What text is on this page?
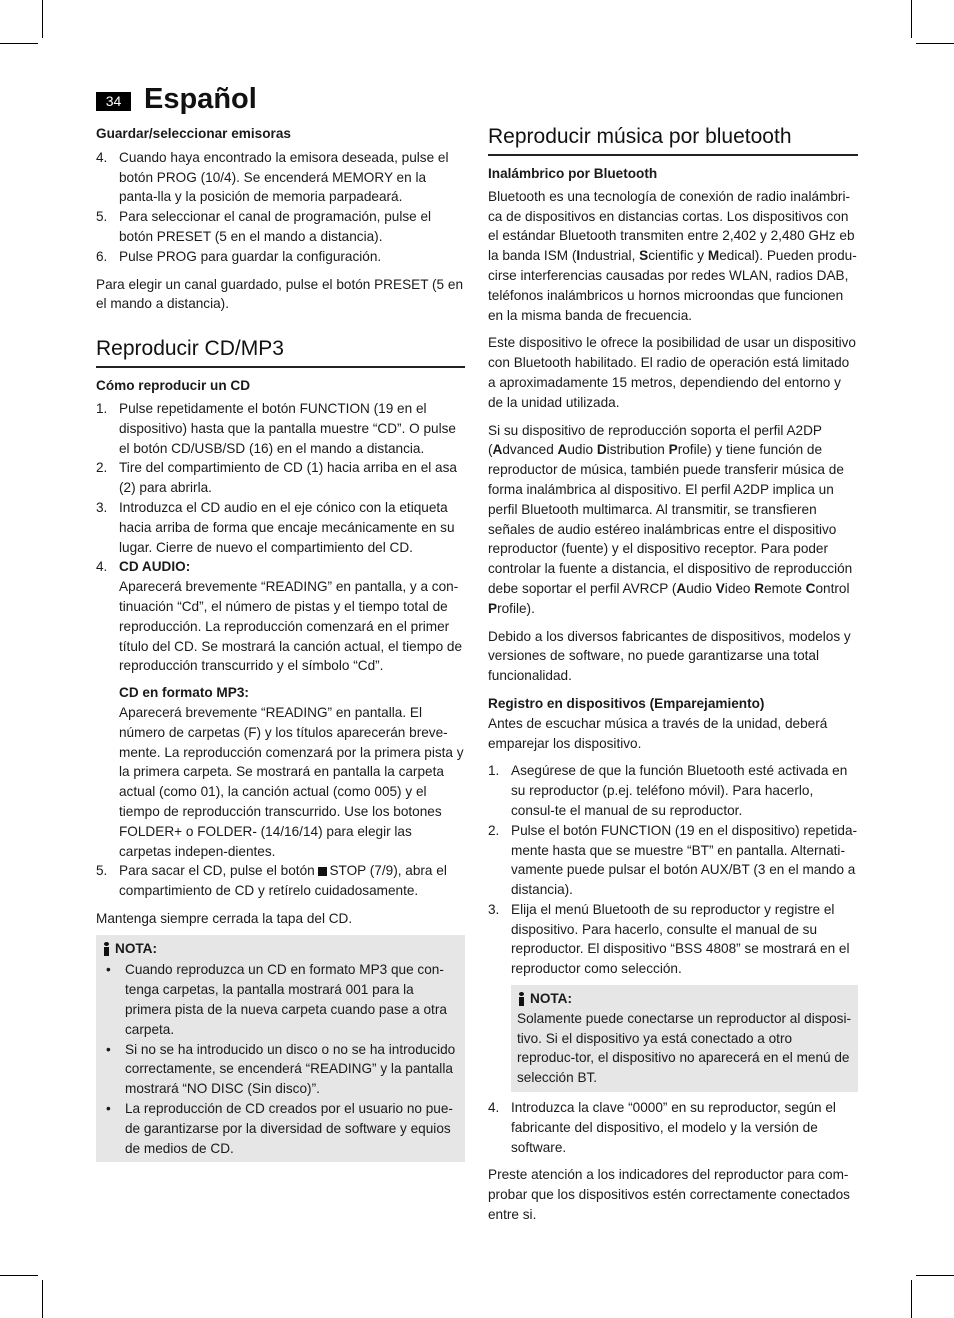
34 Español

Guardar/seleccionar emisoras

4. Cuando haya encontrado la emisora deseada, pulse el botón PROG (10/4). Se encenderá MEMORY en la panta-lla y la posición de memoria parpadeará.
5. Para seleccionar el canal de programación, pulse el botón PRESET (5 en el mando a distancia).
6. Pulse PROG para guardar la configuración.

Para elegir un canal guardado, pulse el botón PRESET (5 en el mando a distancia).

Reproducir CD/MP3

Cómo reproducir un CD

1. Pulse repetidamente el botón FUNCTION (19 en el dispositivo) hasta que la pantalla muestre “CD”. O pulse el botón CD/USB/SD (16) en el mando a distancia.
2. Tire del compartimiento de CD (1) hacia arriba en el asa (2) para abrirla.
3. Introduzca el CD audio en el eje cónico con la etiqueta hacia arriba de forma que encaje mecánicamente en su lugar. Cierre de nuevo el compartimiento del CD.
4. CD AUDIO:
Aparecerá brevemente “READING” en pantalla, y a con-tinuación “Cd”, el número de pistas y el tiempo total de reproducción. La reproducción comenzará en el primer título del CD. Se mostrará la canción actual, el tiempo de reproducción transcurrido y el símbolo “Cd”.
CD en formato MP3:
Aparecerá brevemente “READING” en pantalla. El número de carpetas (F) y los títulos aparecerán breve-mente. La reproducción comenzará por la primera pista y la primera carpeta. Se mostrará en pantalla la carpeta actual (como 01), la canción actual (como 005) y el tiempo de reproducción transcurrido. Use los botones FOLDER+ o FOLDER- (14/16/14) para elegir las carpetas indepen-dientes.
5. Para sacar el CD, pulse el botón STOP (7/9), abra el compartimiento de CD y retírelo cuidadosamente.

Mantenga siempre cerrada la tapa del CD.

NOTA:
• Cuando reproduzca un CD en formato MP3 que con-tenga carpetas, la pantalla mostrará 001 para la primera pista de la nueva carpeta cuando pase a otra carpeta.
• Si no se ha introducido un disco o no se ha introducido correctamente, se encenderá “READING” y la pantalla mostrará “NO DISC (Sin disco)”.
• La reproducción de CD creados por el usuario no pue-de garantizarse por la diversidad de software y equios de medios de CD.
Reproducir música por bluetooth

Inalámbrico por Bluetooth

Bluetooth es una tecnología de conexión de radio inalámbri-ca de dispositivos en distancias cortas. Los dispositivos con el estándar Bluetooth transmiten entre 2,402 y 2,480 GHz eb la banda ISM (Industrial, Scientific y Medical). Pueden produ-cirse interferencias causadas por redes WLAN, radios DAB, teléfonos inalámbricos u hornos microondas que funcionen en la misma banda de frecuencia.

Este dispositivo le ofrece la posibilidad de usar un dispositivo con Bluetooth habilitado. El radio de operación está limitado a aproximadamente 15 metros, dependiendo del entorno y de la unidad utilizada.

Si su dispositivo de reproducción soporta el perfil A2DP (Advanced Audio Distribution Profile) y tiene función de reproductor de música, también puede transferir música de forma inalámbrica al dispositivo. El perfil A2DP implica un perfil Bluetooth multimarca. Al transmitir, se transfieren señales de audio estéreo inalámbricas entre el dispositivo reproductor (fuente) y el dispositivo receptor. Para poder controlar la fuente a distancia, el dispositivo de reproducción debe soportar el perfil AVRCP (Audio Video Remote Control Profile).

Debido a los diversos fabricantes de dispositivos, modelos y versiones de software, no puede garantizarse una total funcionalidad.

Registro en dispositivos (Emparejamiento)

Antes de escuchar música a través de la unidad, deberá emparejar los dispositivo.

1. Asegúrese de que la función Bluetooth esté activada en su reproductor (p.ej. teléfono móvil). Para hacerlo, consul-te el manual de su reproductor.
2. Pulse el botón FUNCTION (19 en el dispositivo) repetida-mente hasta que se muestre “BT” en pantalla. Alternati-vamente puede pulsar el botón AUX/BT (3 en el mando a distancia).
3. Elija el menú Bluetooth de su reproductor y registre el dispositivo. Para hacerlo, consulte el manual de su reproductor. El dispositivo “BSS 4808” se mostrará en el reproductor como selección.
NOTA:

Solamente puede conectarse un reproductor al disposi-tivo. Si el dispositivo ya está conectado a otro reproduc-tor, el dispositivo no aparecerá en el menú de selección BT.

4. Introduzca la clave “0000” en su reproductor, según el fabricante del dispositivo, el modelo y la versión de software.

Preste atención a los indicadores del reproductor para com-probar que los dispositivos estén correctamente conectados entre si.
